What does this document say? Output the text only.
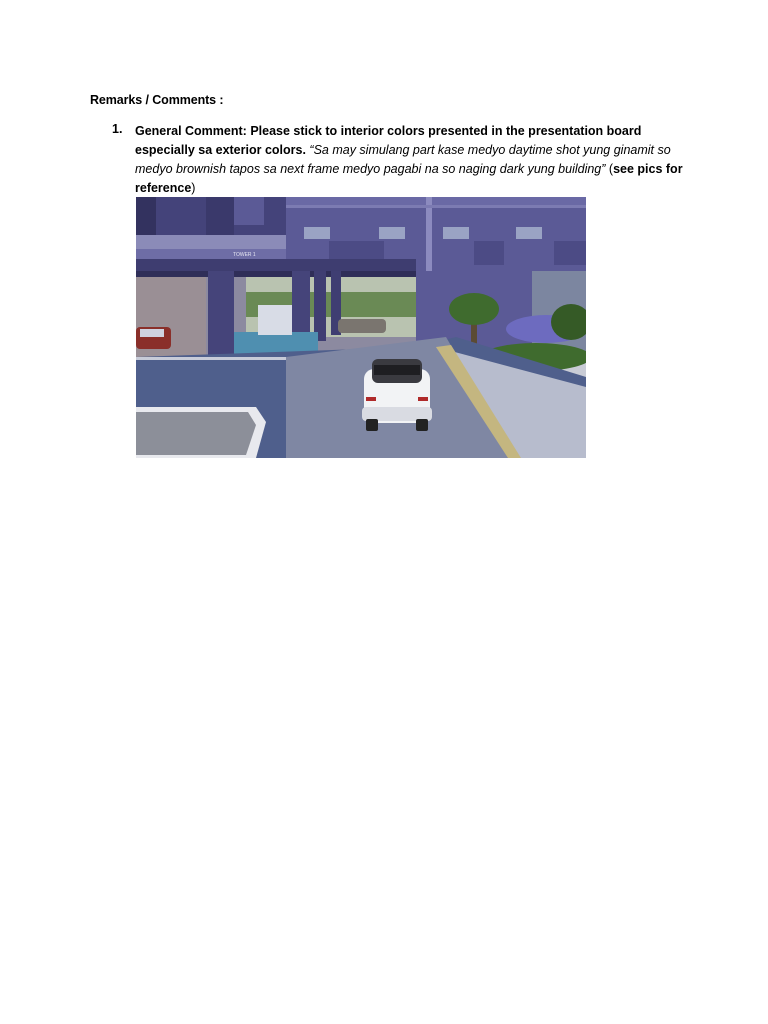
Remarks / Comments :
1. General Comment: Please stick to interior colors presented in the presentation board especially sa exterior colors. “Sa may simulang part kase medyo daytime shot yung ginamit so medyo brownish tapos sa next frame medyo pagabi na so naging dark yung building” (see pics for reference)
TOWER 1
